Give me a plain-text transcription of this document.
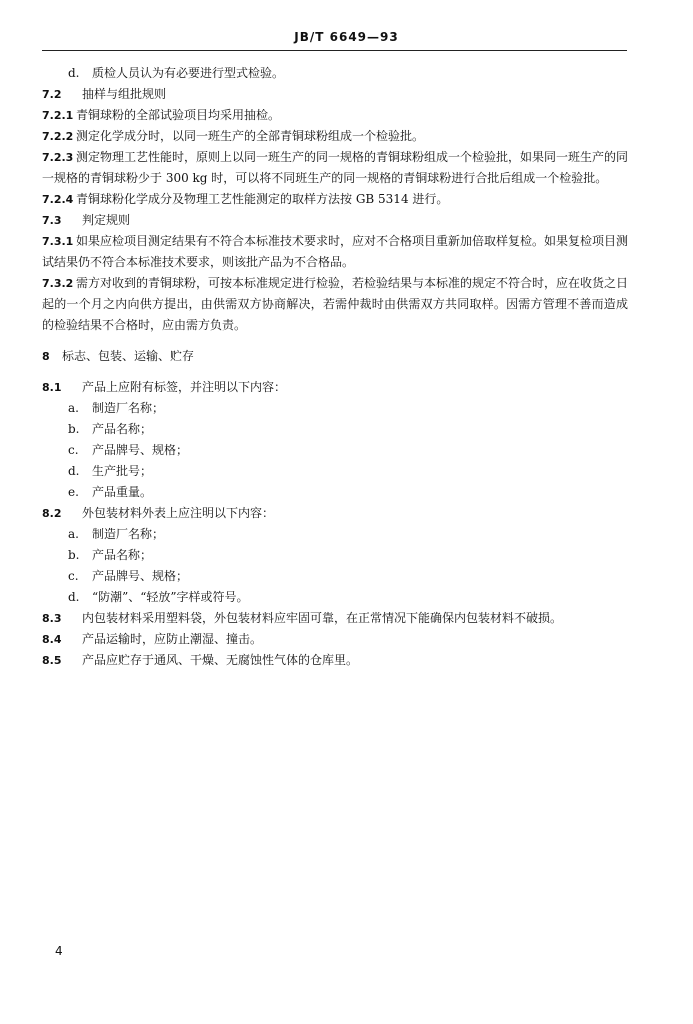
JB/T 6649—93
d. 质检人员认为有必要进行型式检验。
7.2 抽样与组批规则
7.2.1 青铜球粉的全部试验项目均采用抽检。
7.2.2 测定化学成分时，以同一班生产的全部青铜球粉组成一个检验批。
7.2.3 测定物理工艺性能时，原则上以同一班生产的同一规格的青铜球粉组成一个检验批，如果同一班生产的同一规格的青铜球粉少于 300 kg 时，可以将不同班生产的同一规格的青铜球粉进行合批后组成一个检验批。
7.2.4 青铜球粉化学成分及物理工艺性能测定的取样方法按 GB 5314 进行。
7.3 判定规则
7.3.1 如果应检项目测定结果有不符合本标准技术要求时，应对不合格项目重新加倍取样复检。如果复检项目测试结果仍不符合本标准技术要求，则该批产品为不合格品。
7.3.2 需方对收到的青铜球粉，可按本标准规定进行检验，若检验结果与本标准的规定不符合时，应在收货之日起的一个月之内向供方提出，由供需双方协商解决，若需仲裁时由供需双方共同取样。因需方管理不善而造成的检验结果不合格时，应由需方负责。
8 标志、包装、运输、贮存
8.1 产品上应附有标签，并注明以下内容：
a. 制造厂名称；
b. 产品名称；
c. 产品牌号、规格；
d. 生产批号；
e. 产品重量。
8.2 外包装材料外表上应注明以下内容：
a. 制造厂名称；
b. 产品名称；
c. 产品牌号、规格；
d. “防潮”、“轻放”字样或符号。
8.3 内包装材料采用塑料袋，外包装材料应牢固可靠，在正常情况下能确保内包装材料不破损。
8.4 产品运输时，应防止潮湿、撞击。
8.5 产品应贮存于通风、干燥、无腐蚀性气体的仓库里。
4
